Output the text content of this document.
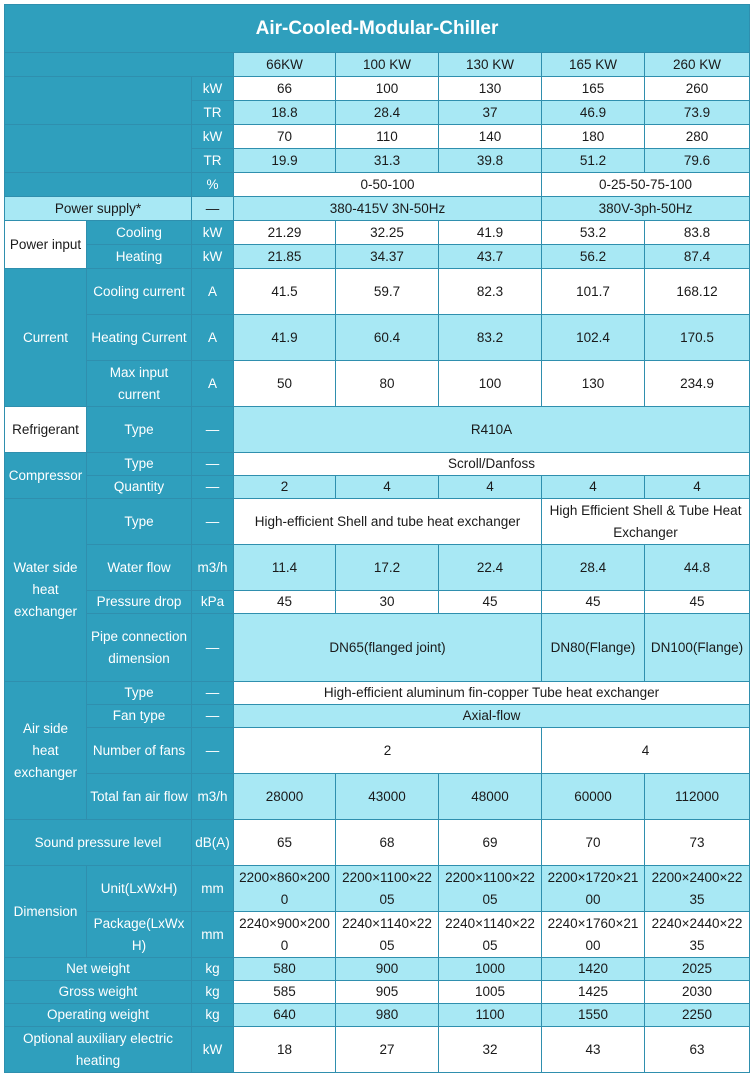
Air-Cooled-Modular-Chiller							
			66KW	100 KW	130 KW	165 KW	260 KW
		kW	66	100	130	165	260
		TR	18.8	28.4	37	46.9	73.9
		kW	70	110	140	180	280
		TR	19.9	31.3	39.8	51.2	79.6
		%	0-50-100			0-25-50-75-100	
Power supply*		—	380-415V 3N-50Hz			380V-3ph-50Hz	
Power input	Cooling	kW	21.29	32.25	41.9	53.2	83.8
	Heating	kW	21.85	34.37	43.7	56.2	87.4
Current	Cooling current	A	41.5	59.7	82.3	101.7	168.12
	Heating Current	A	41.9	60.4	83.2	102.4	170.5
	Max input current	A	50	80	100	130	234.9
Refrigerant	Type	—	R410A				
Compressor	Type	—	Scroll/Danfoss				
	Quantity	—	2	4	4	4	4
Water side heat exchanger	Type	—	High-efficient Shell and tube heat exchanger			High Efficient Shell & Tube Heat Exchanger	
	Water flow	m3/h	11.4	17.2	22.4	28.4	44.8
	Pressure drop	kPa	45	30	45	45	45
	Pipe connection dimension	—	DN65(flanged joint)			DN80(Flange)	DN100(Flange)
Air side heat exchanger	Type	—	High-efficient aluminum fin-copper Tube heat exchanger				
	Fan type	—	Axial-flow				
	Number of fans	—	2			4	
	Total fan air flow	m3/h	28000	43000	48000	60000	112000
Sound pressure level		dB(A)	65	68	69	70	73
Dimension	Unit(LxWxH)	mm	2200×860×2000	2200×1100×2205	2200×1100×2205	2200×1720×2100	2200×2400×2235
	Package(LxWxH)	mm	2240×900×2000	2240×1140×2205	2240×1140×2205	2240×1760×2100	2240×2440×2235
Net weight		kg	580	900	1000	1420	2025
Gross weight		kg	585	905	1005	1425	2030
Operating weight		kg	640	980	1100	1550	2250
Optional auxiliary electric heating		kW	18	27	32	43	63
